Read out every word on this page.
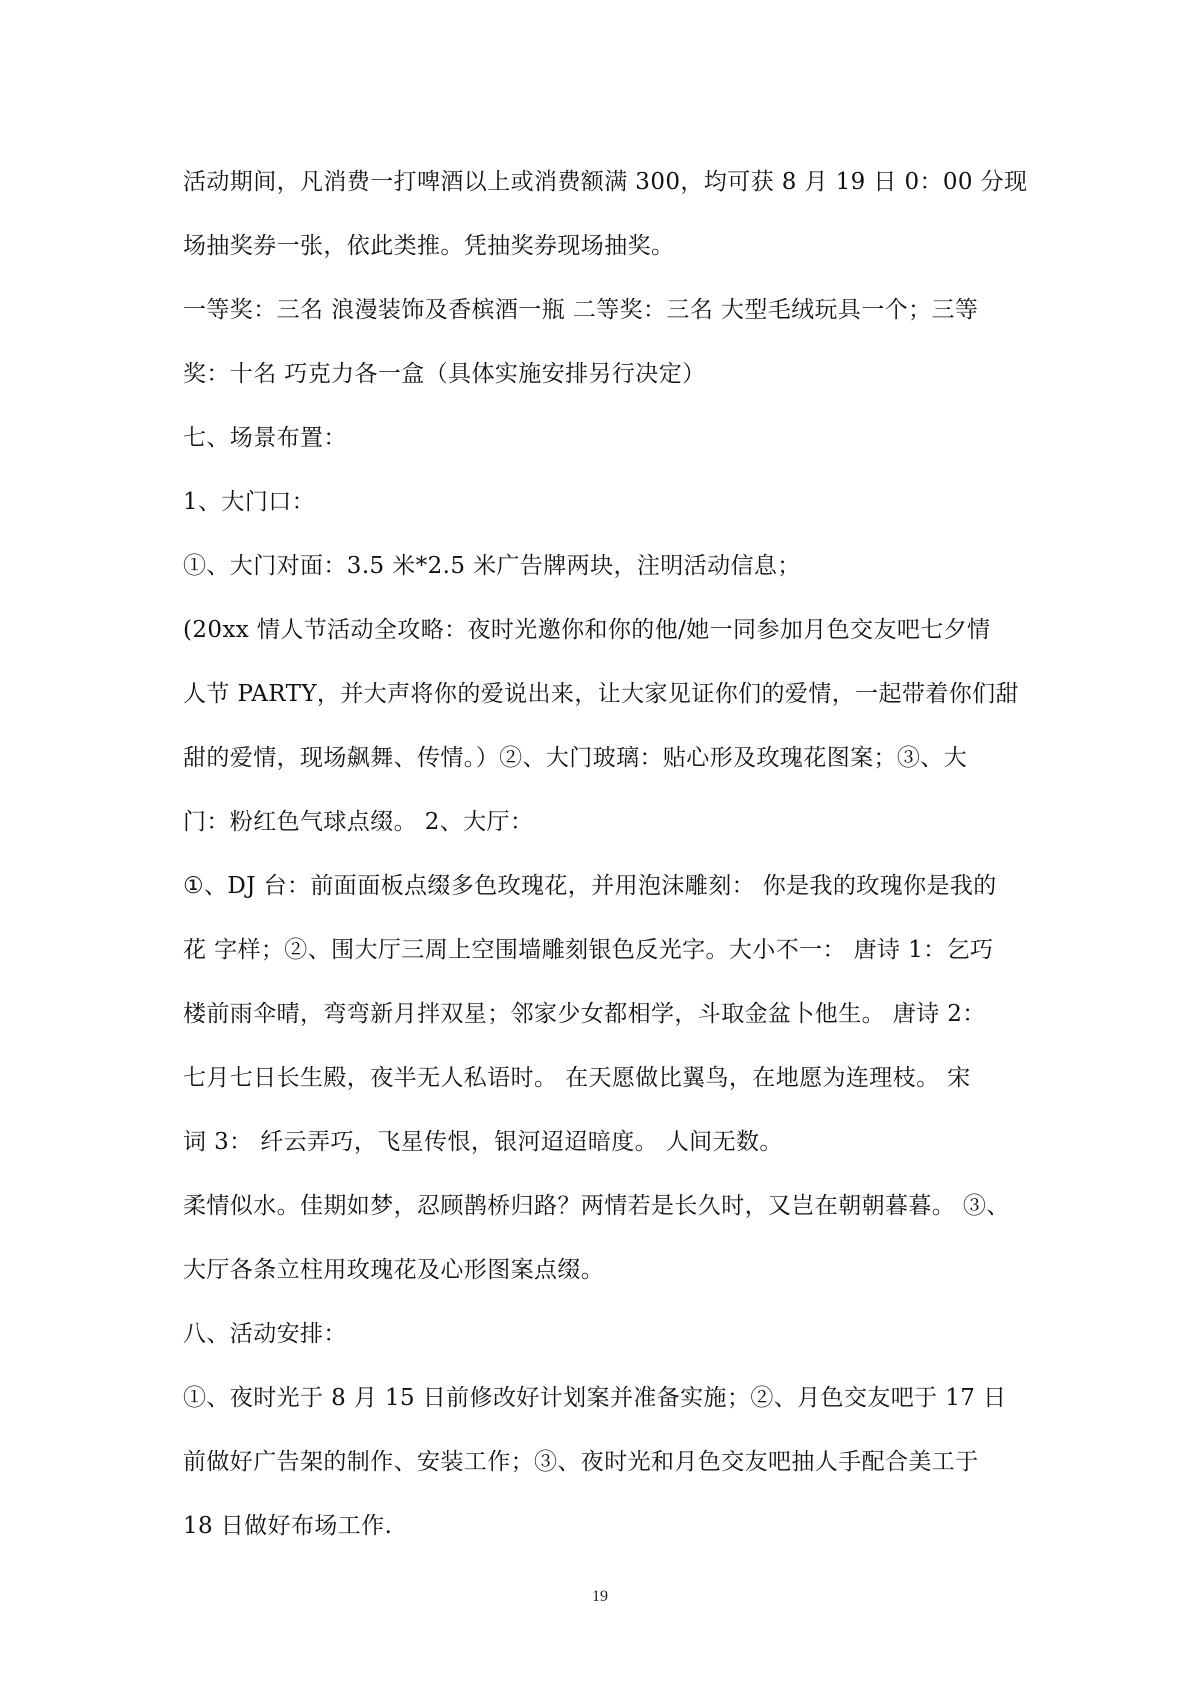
活动期间，凡消费一打啤酒以上或消费额满 300，均可获 8 月 19 日 0：00 分现
场抽奖券一张，依此类推。凭抽奖券现场抽奖。
一等奖：三名 浪漫装饰及香槟酒一瓶 二等奖：三名 大型毛绒玩具一个；三等
奖：十名 巧克力各一盒（具体实施安排另行决定）
七、场景布置：
1、大门口：
①、大门对面：3.5 米*2.5 米广告牌两块，注明活动信息；
(20xx 情人节活动全攻略：夜时光邀你和你的他/她一同参加月色交友吧七夕情
人节 PARTY，并大声将你的爱说出来，让大家见证你们的爱情，一起带着你们甜
甜的爱情，现场飙舞、传情。）②、大门玻璃：贴心形及玫瑰花图案；③、大
门：粉红色气球点缀。 2、大厅：
①、DJ 台：前面面板点缀多色玫瑰花，并用泡沫雕刻： 你是我的玫瑰你是我的
花 字样；②、围大厅三周上空围墙雕刻银色反光字。大小不一： 唐诗 1：乞巧
楼前雨伞晴，弯弯新月拌双星；邻家少女都相学，斗取金盆卜他生。 唐诗 2：
七月七日长生殿，夜半无人私语时。 在天愿做比翼鸟，在地愿为连理枝。 宋
词 3： 纤云弄巧，飞星传恨，银河迢迢暗度。 人间无数。
柔情似水。佳期如梦，忍顾鹊桥归路？两情若是长久时，又岂在朝朝暮暮。 ③、
大厅各条立柱用玫瑰花及心形图案点缀。
八、活动安排：
①、夜时光于 8 月 15 日前修改好计划案并准备实施；②、月色交友吧于 17 日
前做好广告架的制作、安装工作；③、夜时光和月色交友吧抽人手配合美工于
18 日做好布场工作.
19
